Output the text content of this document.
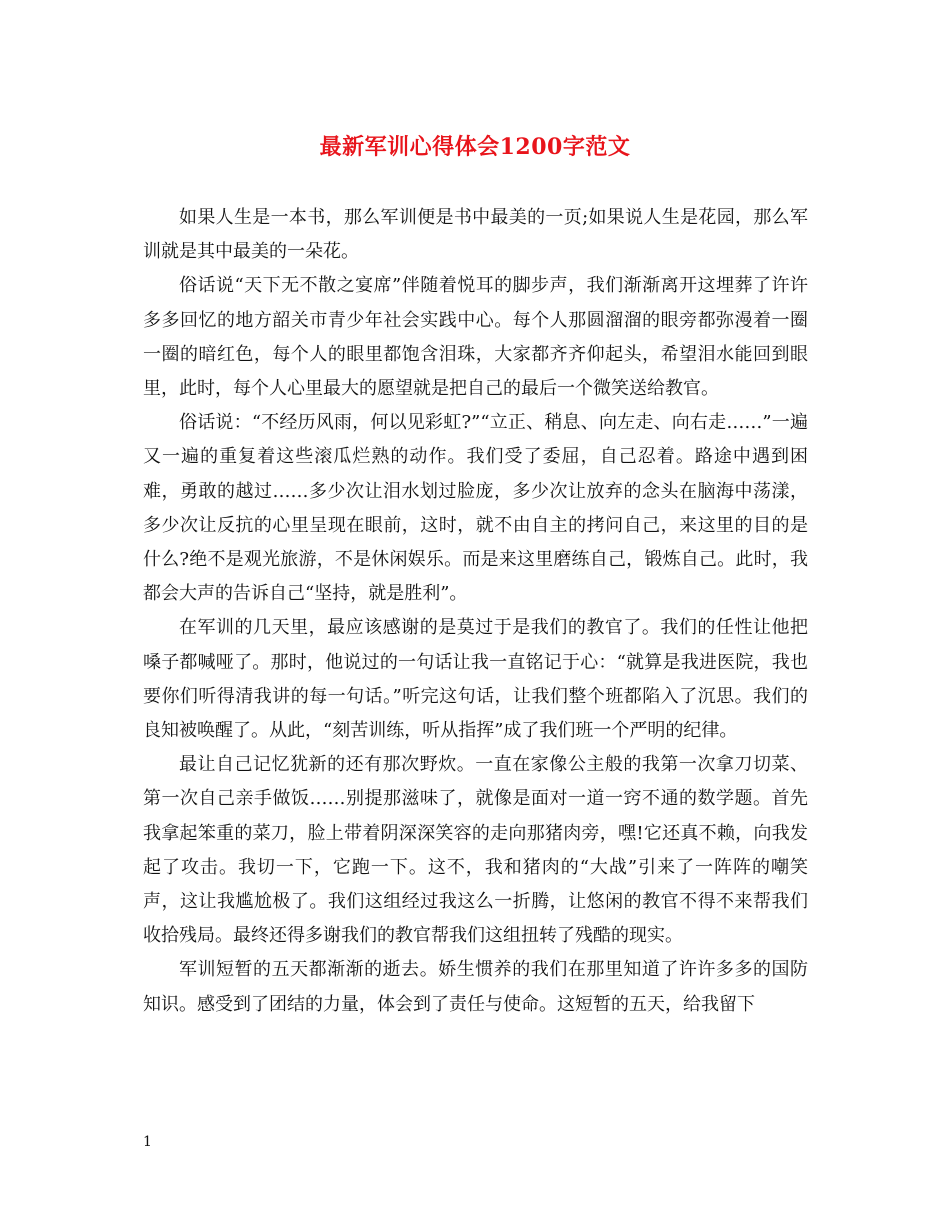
最新军训心得体会1200字范文

如果人生是一本书，那么军训便是书中最美的一页;如果说人生是花园，那么军训就是其中最美的一朵花。

俗话说“天下无不散之宴席”伴随着悦耳的脚步声，我们渐渐离开这埋葬了许许多多回忆的地方韶关市青少年社会实践中心。每个人那圆溜溜的眼旁都弥漫着一圈一圈的暗红色，每个人的眼里都饱含泪珠，大家都齐齐仰起头，希望泪水能回到眼里，此时，每个人心里最大的愿望就是把自己的最后一个微笑送给教官。

俗话说：“不经历风雨，何以见彩虹?”“立正、稍息、向左走、向右走……”一遍又一遍的重复着这些滚瓜烂熟的动作。我们受了委屈，自己忍着。路途中遇到困难，勇敢的越过……多少次让泪水划过脸庞，多少次让放弃的念头在脑海中荡漾，多少次让反抗的心里呈现在眼前，这时，就不由自主的拷问自己，来这里的目的是什么?绝不是观光旅游，不是休闲娱乐。而是来这里磨练自己，锻炼自己。此时，我都会大声的告诉自己“坚持，就是胜利”。

在军训的几天里，最应该感谢的是莫过于是我们的教官了。我们的任性让他把嗓子都喊哑了。那时，他说过的一句话让我一直铭记于心：“就算是我进医院，我也要你们听得清我讲的每一句话。”听完这句话，让我们整个班都陷入了沉思。我们的良知被唤醒了。从此，“刻苦训练，听从指挥”成了我们班一个严明的纪律。

最让自己记忆犹新的还有那次野炊。一直在家像公主般的我第一次拿刀切菜、第一次自己亲手做饭……别提那滋味了，就像是面对一道一窍不通的数学题。首先我拿起笨重的菜刀，脸上带着阴深深笑容的走向那猪肉旁，嘿!它还真不赖，向我发起了攻击。我切一下，它跑一下。这不，我和猪肉的“大战”引来了一阵阵的嘲笑声，这让我尴尬极了。我们这组经过我这么一折腾，让悠闲的教官不得不来帮我们收拾残局。最终还得多谢我们的教官帮我们这组扭转了残酷的现实。

军训短暂的五天都渐渐的逝去。娇生惯养的我们在那里知道了许许多多的国防知识。感受到了团结的力量，体会到了责任与使命。这短暂的五天，给我留下

1
